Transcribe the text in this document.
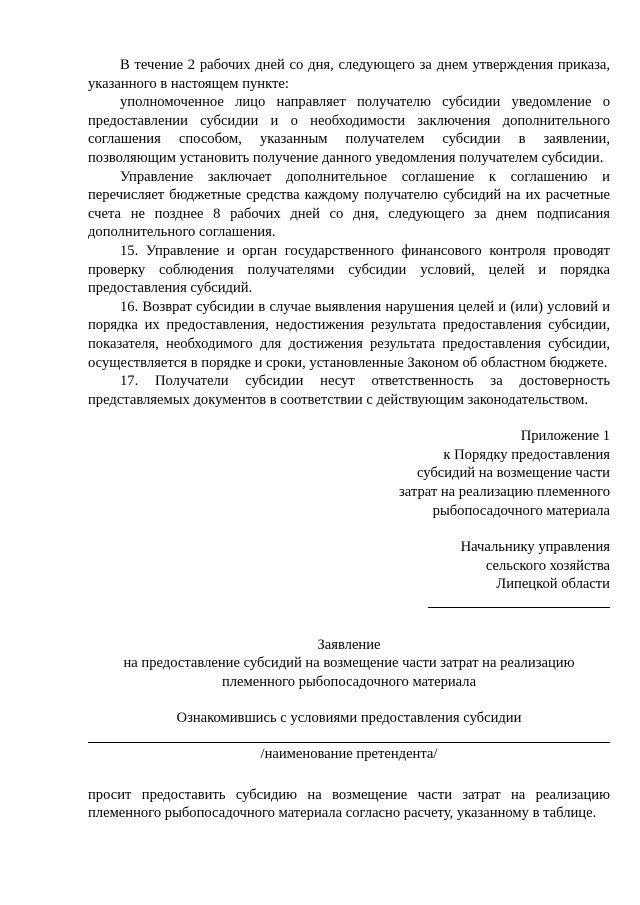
В течение 2 рабочих дней со дня, следующего за днем утверждения приказа, указанного в настоящем пункте:

уполномоченное лицо направляет получателю субсидии уведомление о предоставлении субсидии и о необходимости заключения дополнительного соглашения способом, указанным получателем субсидии в заявлении, позволяющим установить получение данного уведомления получателем субсидии.

Управление заключает дополнительное соглашение к соглашению и перечисляет бюджетные средства каждому получателю субсидий на их расчетные счета не позднее 8 рабочих дней со дня, следующего за днем подписания дополнительного соглашения.

15. Управление и орган государственного финансового контроля проводят проверку соблюдения получателями субсидии условий, целей и порядка предоставления субсидий.

16. Возврат субсидии в случае выявления нарушения целей и (или) условий и порядка их предоставления, недостижения результата предоставления субсидии, показателя, необходимого для достижения результата предоставления субсидии, осуществляется в порядке и сроки, установленные Законом об областном бюджете.

17. Получатели субсидии несут ответственность за достоверность представляемых документов в соответствии с действующим законодательством.

Приложение 1
к Порядку предоставления
субсидий на возмещение части
затрат на реализацию племенного
рыбопосадочного материала
Начальнику управления
сельского хозяйства
Липецкой области
Заявление
на предоставление субсидий на возмещение части затрат на реализацию
племенного рыбопосадочного материала
Ознакомившись с условиями предоставления субсидии
/наименование претендента/

просит предоставить субсидию на возмещение части затрат на реализацию племенного рыбопосадочного материала согласно расчету, указанному в таблице.
